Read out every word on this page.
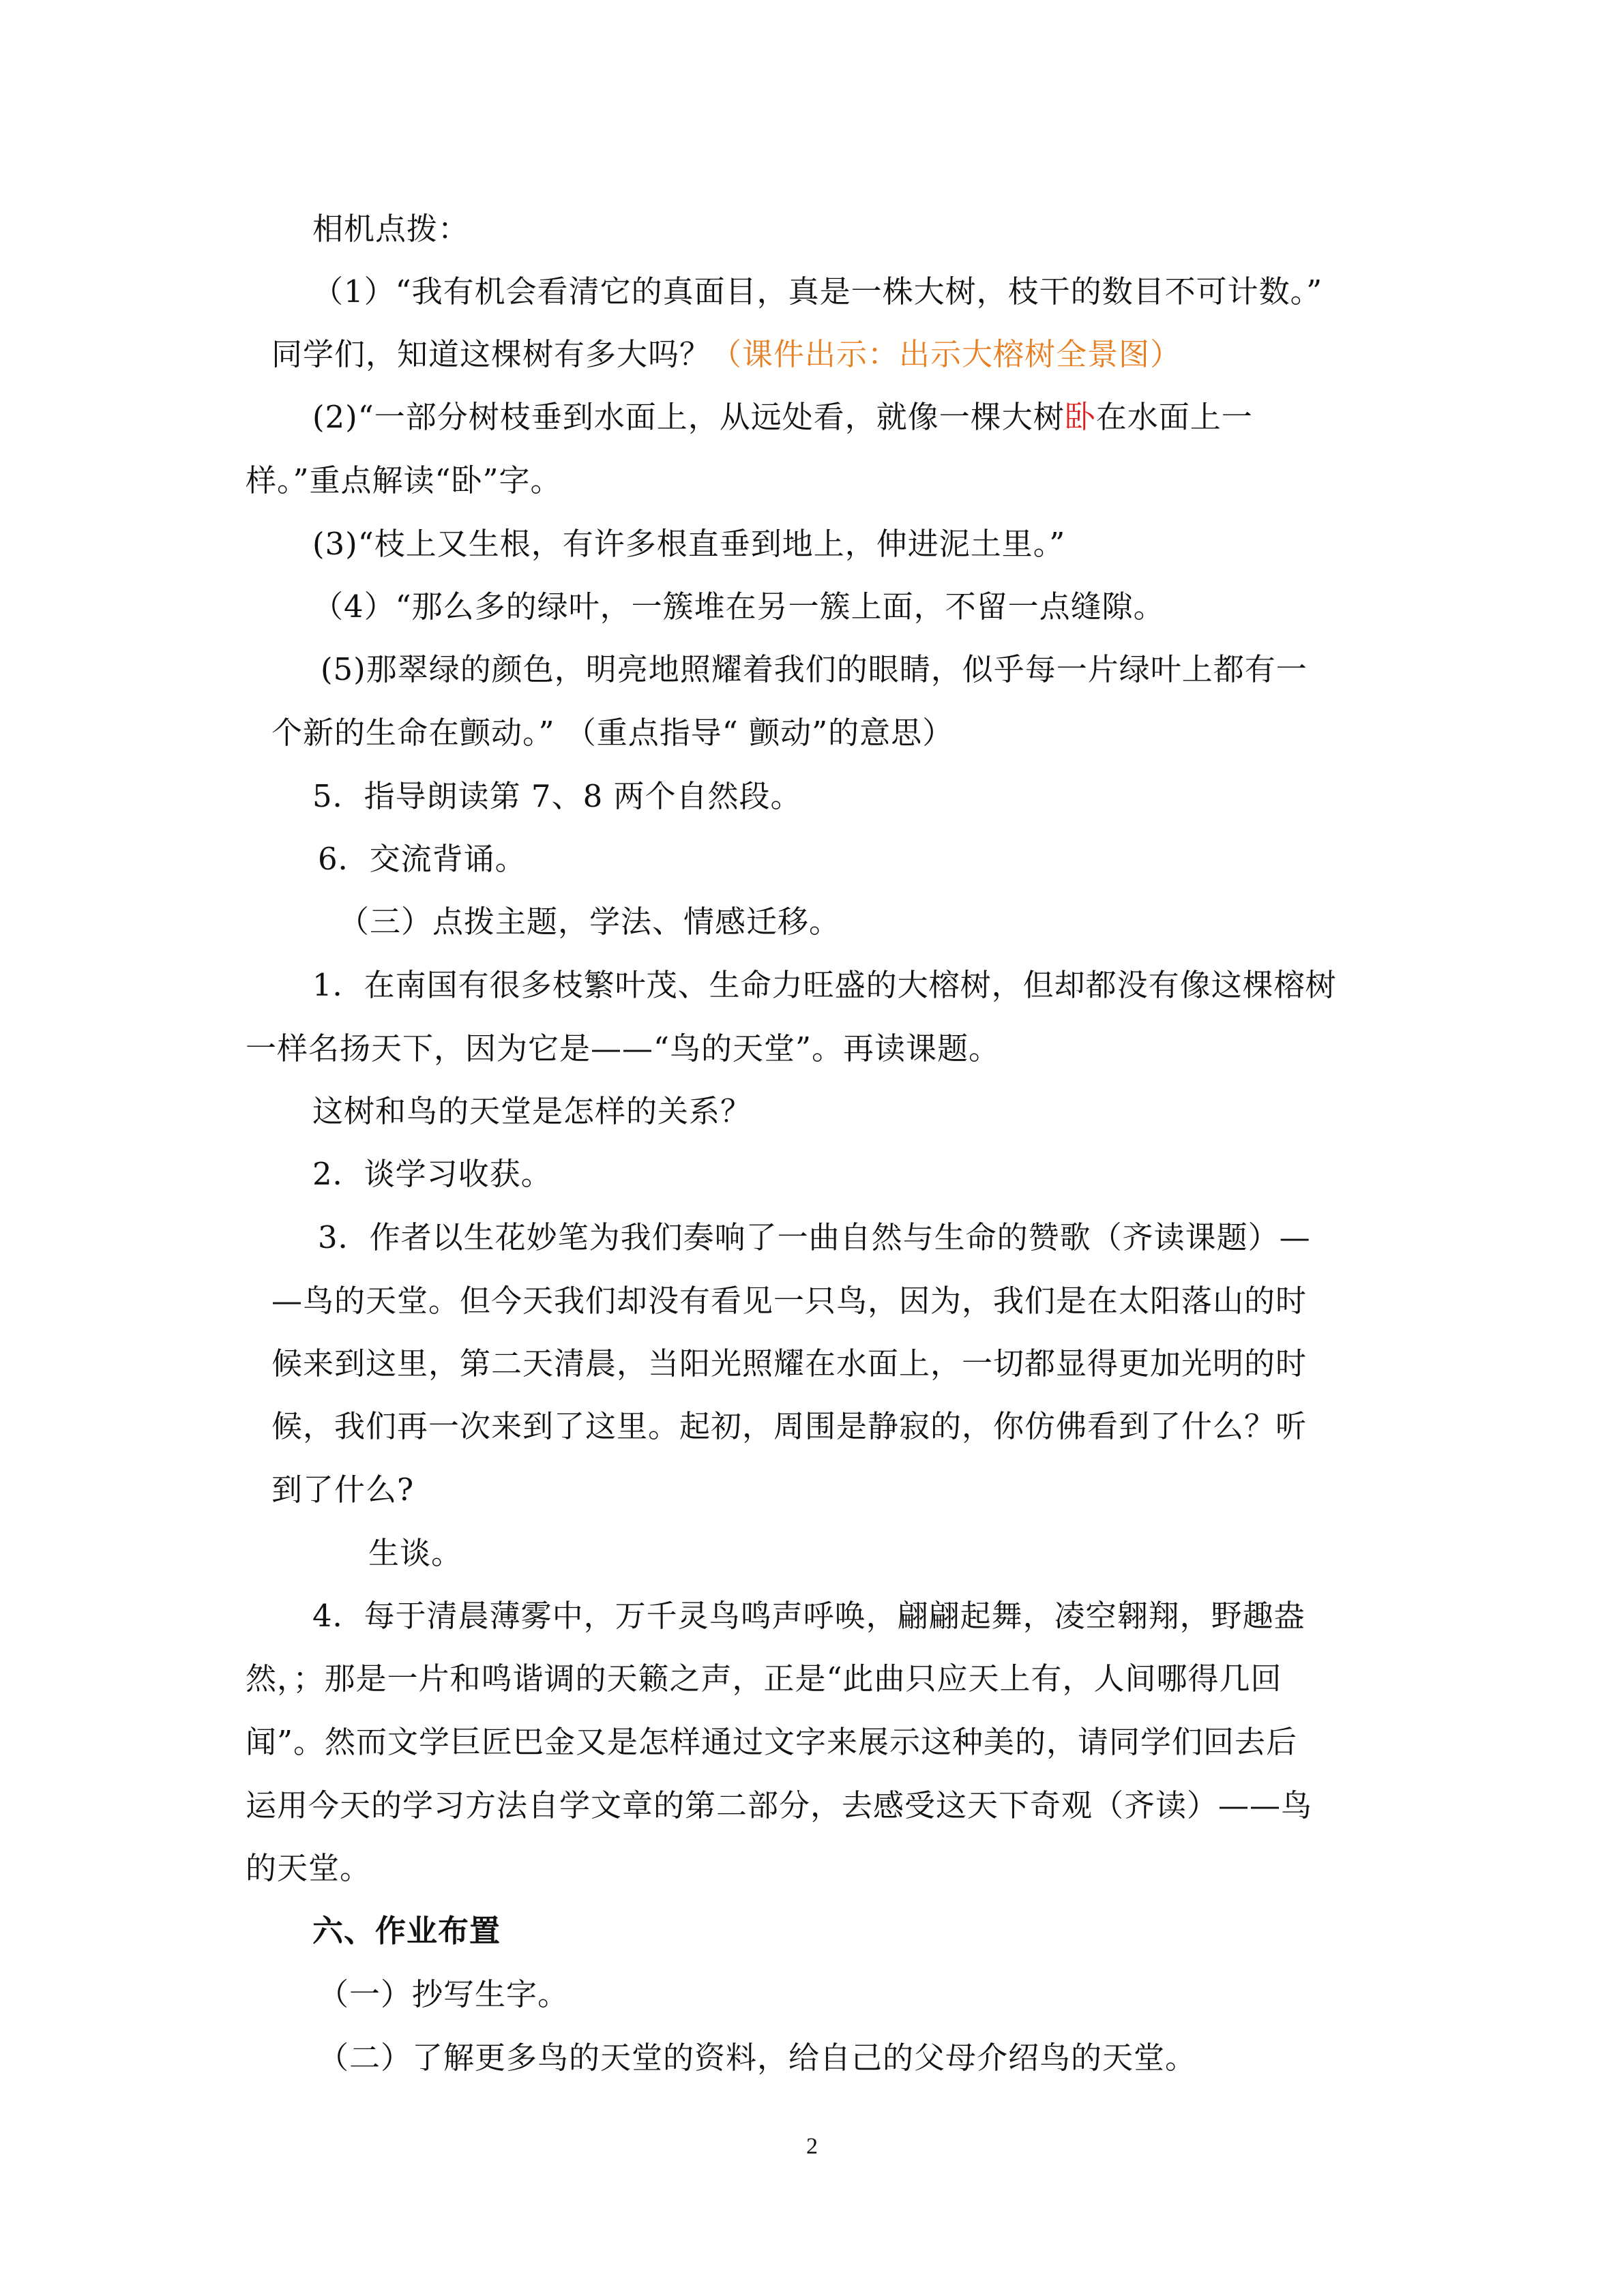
相机点拨：
（1）“我有机会看清它的真面目，真是一株大树，枝干的数目不可计数。”
同学们，知道这棵树有多大吗？（课件出示：出示大榕树全景图）
(2)“一部分树枝垂到水面上，从远处看，就像一棵大树卧在水面上一
样。”重点解读“卧”字。
(3)“枝上又生根，有许多根直垂到地上，伸进泥土里。”
（4）“那么多的绿叶，一簇堆在另一簇上面，不留一点缝隙。
(5)那翠绿的颜色，明亮地照耀着我们的眼睛，似乎每一片绿叶上都有一
个新的生命在颤动。” （重点指导“ 颤动”的意思）
5．指导朗读第 7、8 两个自然段。
6．交流背诵。
（三）点拨主题，学法、情感迁移。
1．在南国有很多枝繁叶茂、生命力旺盛的大榕树，但却都没有像这棵榕树
一样名扬天下，因为它是——“鸟的天堂”。再读课题。
这树和鸟的天堂是怎样的关系？
2．谈学习收获。
3．作者以生花妙笔为我们奏响了一曲自然与生命的赞歌（齐读课题）—
—鸟的天堂。但今天我们却没有看见一只鸟，因为，我们是在太阳落山的时
候来到这里，第二天清晨，当阳光照耀在水面上，一切都显得更加光明的时
候，我们再一次来到了这里。起初，周围是静寂的，你仿佛看到了什么？听
到了什么?
生谈。
4．每于清晨薄雾中，万千灵鸟鸣声呼唤，翩翩起舞，凌空翱翔，野趣盎
然，；那是一片和鸣谐调的天籁之声，正是“此曲只应天上有，人间哪得几回
闻”。然而文学巨匠巴金又是怎样通过文字来展示这种美的，请同学们回去后
运用今天的学习方法自学文章的第二部分，去感受这天下奇观（齐读）——鸟
的天堂。
六、作业布置
（一）抄写生字。
（二）了解更多鸟的天堂的资料，给自己的父母介绍鸟的天堂。
2
